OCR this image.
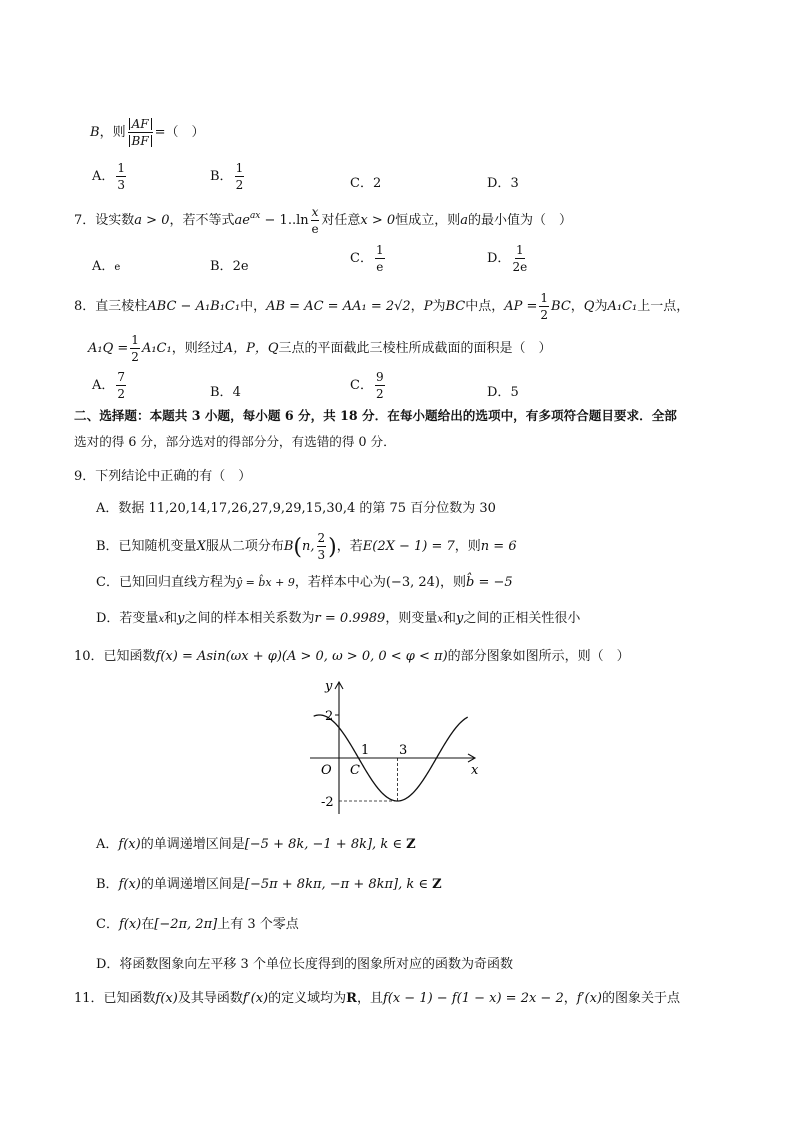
B，则 $\frac{AF}{BF}$ =（　）
A． $\frac{1}{3}$	B． $\frac{1}{2}$	C．2	D．3
7．设实数a > 0，若不等式$ae^{ax} - 1..\ln \frac{x}{e}$ 对任意x > 0恒成立，则a的最小值为（　）
A．e	B．2e
C． $\frac{1}{e}$	D． $\frac{1}{2e}$
8．直三棱柱ABC − A₁B₁C₁中，AB = AC = AA₁ = 2√2，P为BC中点，AP = $\frac{1}{2}$ BC，Q为A₁C₁上一点，
$A_1Q = \frac{1}{2} A_1C_1$，则经过A，P，Q三点的平面截此三棱柱所成截面的面积是（　）
A． $\frac{7}{2}$	B．4	C． $\frac{9}{2}$	D．5
二、选择题：本题共 3 小题，每小题 6 分，共 18 分．在每小题给出的选项中，有多项符合题目要求．全部
选对的得 6 分，部分选对的得部分分，有选错的得 0 分．
9．下列结论中正确的有（　）
A．数据 11,20,14,17,26,27,9,29,15,30,4 的第 75 百分位数为 30
B．已知随机变量X服从二项分布B(n, $\frac{2}{3}$ )，若E(2X − 1) = 7，则n = 6
C．已知回归直线方程为ŷ = b̂x + 9，若样本中心为(−3, 24)，则b̂ = −5
D．若变量x和y之间的样本相关系数为r = 0.9989，则变量x和y之间的正相关性很小
10．已知函数f(x) = Asin(ωx + φ)(A > 0, ω > 0, 0 < φ < π)的部分图象如图所示，则（　）
y
x
O C
2
-2
1 3
A．f(x)的单调递增区间是[−5 + 8k, −1 + 8k], k ∈ Z
B．f(x)的单调递增区间是[−5π + 8kπ, −π + 8kπ], k ∈ Z
C．f(x)在[−2π, 2π]上有 3 个零点
D．将函数图象向左平移 3 个单位长度得到的图象所对应的函数为奇函数
11．已知函数f(x)及其导函数f′(x)的定义域均为R，且f(x − 1) − f(1 − x) = 2x − 2，f′(x)的图象关于点
